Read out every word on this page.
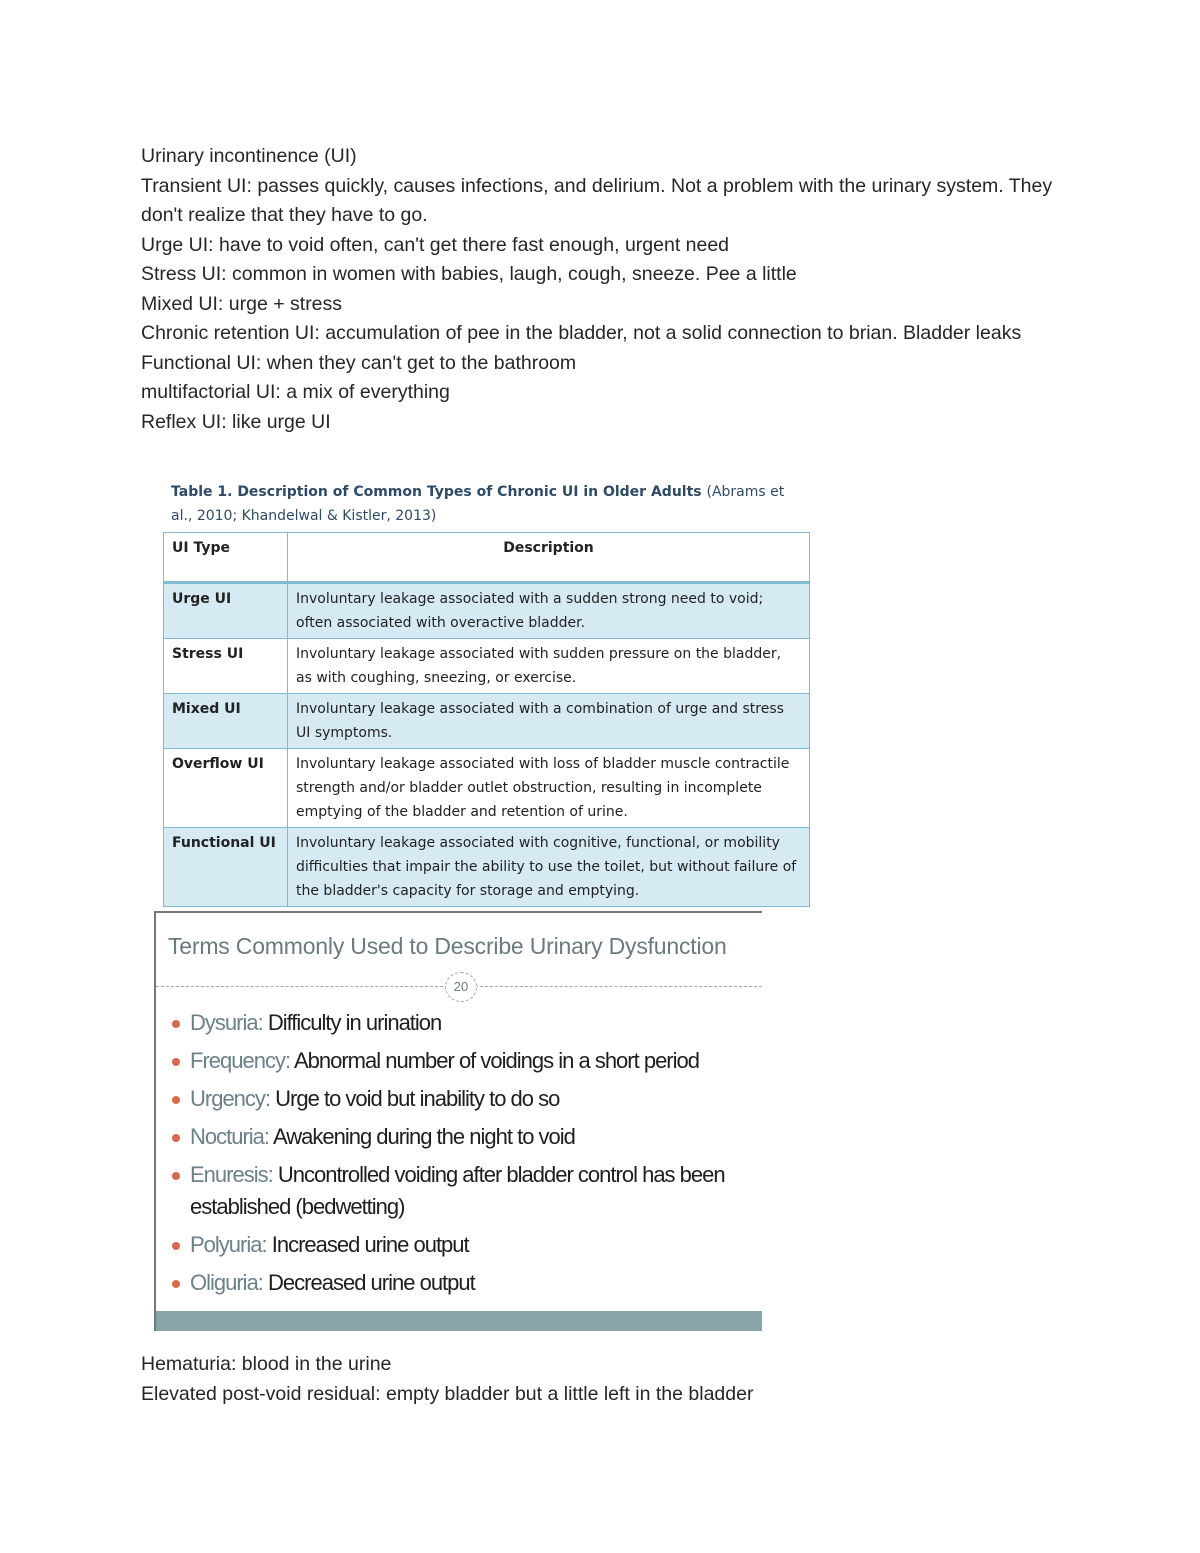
Urinary incontinence (UI)

Transient UI: passes quickly, causes infections, and delirium. Not a problem with the urinary system. They don't realize that they have to go.

Urge UI: have to void often, can't get there fast enough, urgent need

Stress UI: common in women with babies, laugh, cough, sneeze. Pee a little

Mixed UI: urge + stress

Chronic retention UI: accumulation of pee in the bladder, not a solid connection to brian. Bladder leaks

Functional UI: when they can't get to the bathroom

multifactorial UI: a mix of everything

Reflex UI: like urge UI

Table 1. Description of Common Types of Chronic UI in Older Adults (Abrams et al., 2010; Khandelwal & Kistler, 2013)
UI Type	Description
Urge UI	Involuntary leakage associated with a sudden strong need to void; often associated with overactive bladder.
Stress UI	Involuntary leakage associated with sudden pressure on the bladder, as with coughing, sneezing, or exercise.
Mixed UI	Involuntary leakage associated with a combination of urge and stress UI symptoms.
Overflow UI	Involuntary leakage associated with loss of bladder muscle contractile strength and/or bladder outlet obstruction, resulting in incomplete emptying of the bladder and retention of urine.
Functional UI	Involuntary leakage associated with cognitive, functional, or mobility difficulties that impair the ability to use the toilet, but without failure of the bladder's capacity for storage and emptying.
Terms Commonly Used to Describe Urinary Dysfunction
20
Dysuria: Difficulty in urination
Frequency: Abnormal number of voidings in a short period
Urgency: Urge to void but inability to do so
Nocturia: Awakening during the night to void
Enuresis: Uncontrolled voiding after bladder control has been established (bedwetting)
Polyuria: Increased urine output
Oliguria: Decreased urine output

Hematuria: blood in the urine

Elevated post-void residual: empty bladder but a little left in the bladder
